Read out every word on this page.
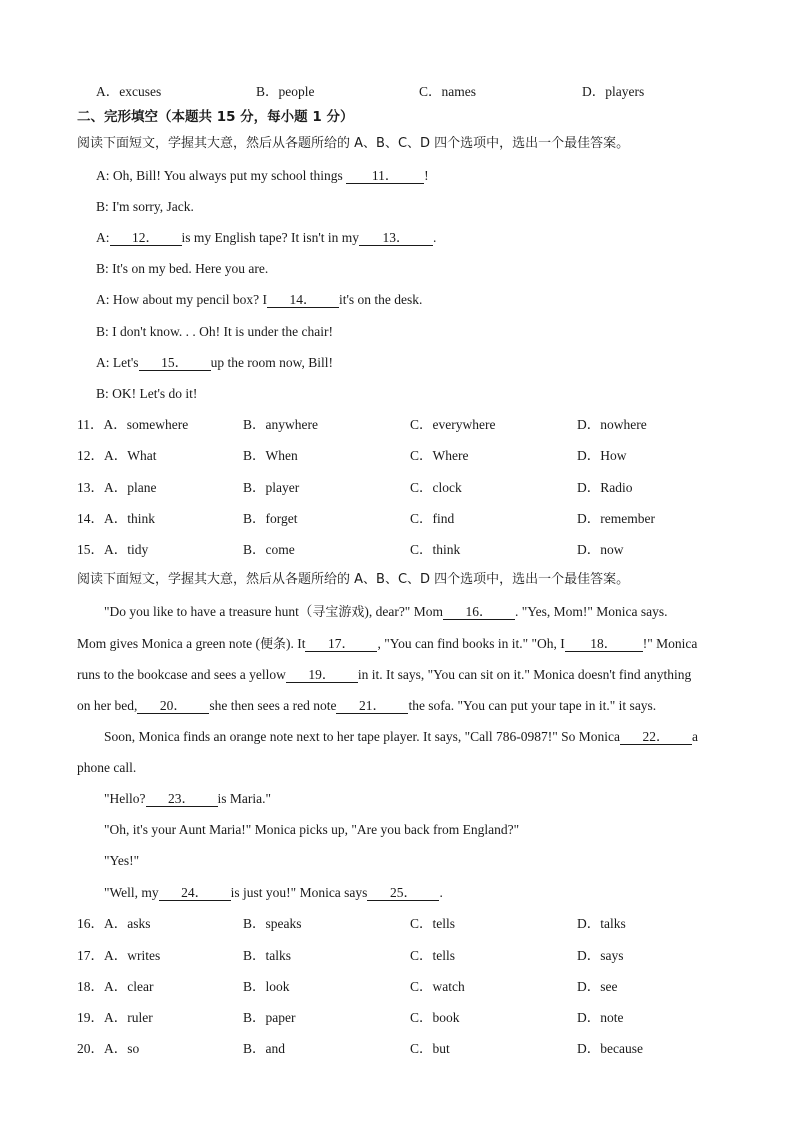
A．excuses	B．people	C．names	D．players
二、完形填空（本题共 15 分，每小题 1 分）
阅读下面短文，学握其大意，然后从各题所给的 A、B、C、D 四个选项中，选出一个最佳答案。
A: Oh, Bill! You always put my school things 11． !
B: I'm sorry, Jack.
A: 12． is my English tape? It isn't in my 13． .
B: It's on my bed. Here you are.
A: How about my pencil box? I 14． it's on the desk.
B: I don't know. . . Oh! It is under the chair!
A: Let's 15． up the room now, Bill!
B: OK! Let's do it!
11．A．somewhere	B．anywhere	C．everywhere	D．nowhere
12．A．What	B．When	C．Where	D．How
13．A．plane	B．player	C．clock	D．Radio
14．A．think	B．forget	C．find	D．remember
15．A．tidy	B．come	C．think	D．now
阅读下面短文，学握其大意，然后从各题所给的 A、B、C、D 四个选项中，选出一个最佳答案。
"Do you like to have a treasure hunt（寻宝游戏), dear?" Mom 16． . "Yes, Mom!" Monica says.
Mom gives Monica a green note (便条). It 17． , "You can find books in it." "Oh, I 18． !" Monica
runs to the bookcase and sees a yellow 19． in it. It says, "You can sit on it." Monica doesn't find anything
on her bed, 20． she then sees a red note 21． the sofa. "You can put your tape in it." it says.
Soon, Monica finds an orange note next to her tape player. It says, "Call 786-0987!" So Monica 22． a
phone call.
"Hello? 23． is Maria."
"Oh, it's your Aunt Maria!" Monica picks up, "Are you back from England?"
"Yes!"
"Well, my 24． is just you!" Monica says 25． .
16．A．asks	B．speaks	C．tells	D．talks
17．A．writes	B．talks	C．tells	D．says
18．A．clear	B．look	C．watch	D．see
19．A．ruler	B．paper	C．book	D．note
20．A．so	B．and	C．but	D．because
